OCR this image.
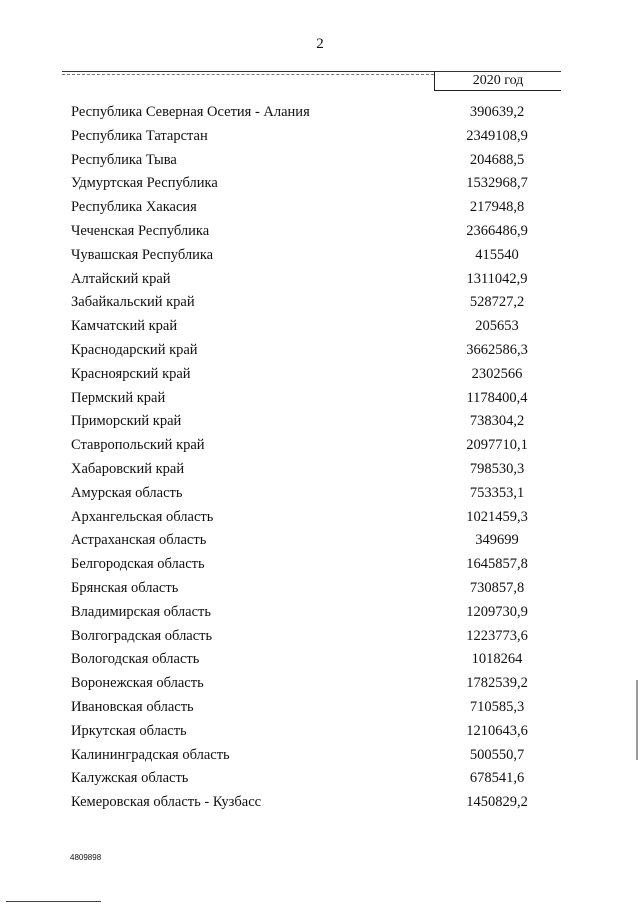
2
2020 год
Республика Северная Осетия - Алания	390639,2
Республика Татарстан	2349108,9
Республика Тыва	204688,5
Удмуртская Республика	1532968,7
Республика Хакасия	217948,8
Чеченская Республика	2366486,9
Чувашская Республика	415540
Алтайский край	1311042,9
Забайкальский край	528727,2
Камчатский край	205653
Краснодарский край	3662586,3
Красноярский край	2302566
Пермский край	1178400,4
Приморский край	738304,2
Ставропольский край	2097710,1
Хабаровский край	798530,3
Амурская область	753353,1
Архангельская область	1021459,3
Астраханская область	349699
Белгородская область	1645857,8
Брянская область	730857,8
Владимирская область	1209730,9
Волгоградская область	1223773,6
Вологодская область	1018264
Воронежская область	1782539,2
Ивановская область	710585,3
Иркутская область	1210643,6
Калининградская область	500550,7
Калужская область	678541,6
Кемеровская область - Кузбасс	1450829,2
4809898
